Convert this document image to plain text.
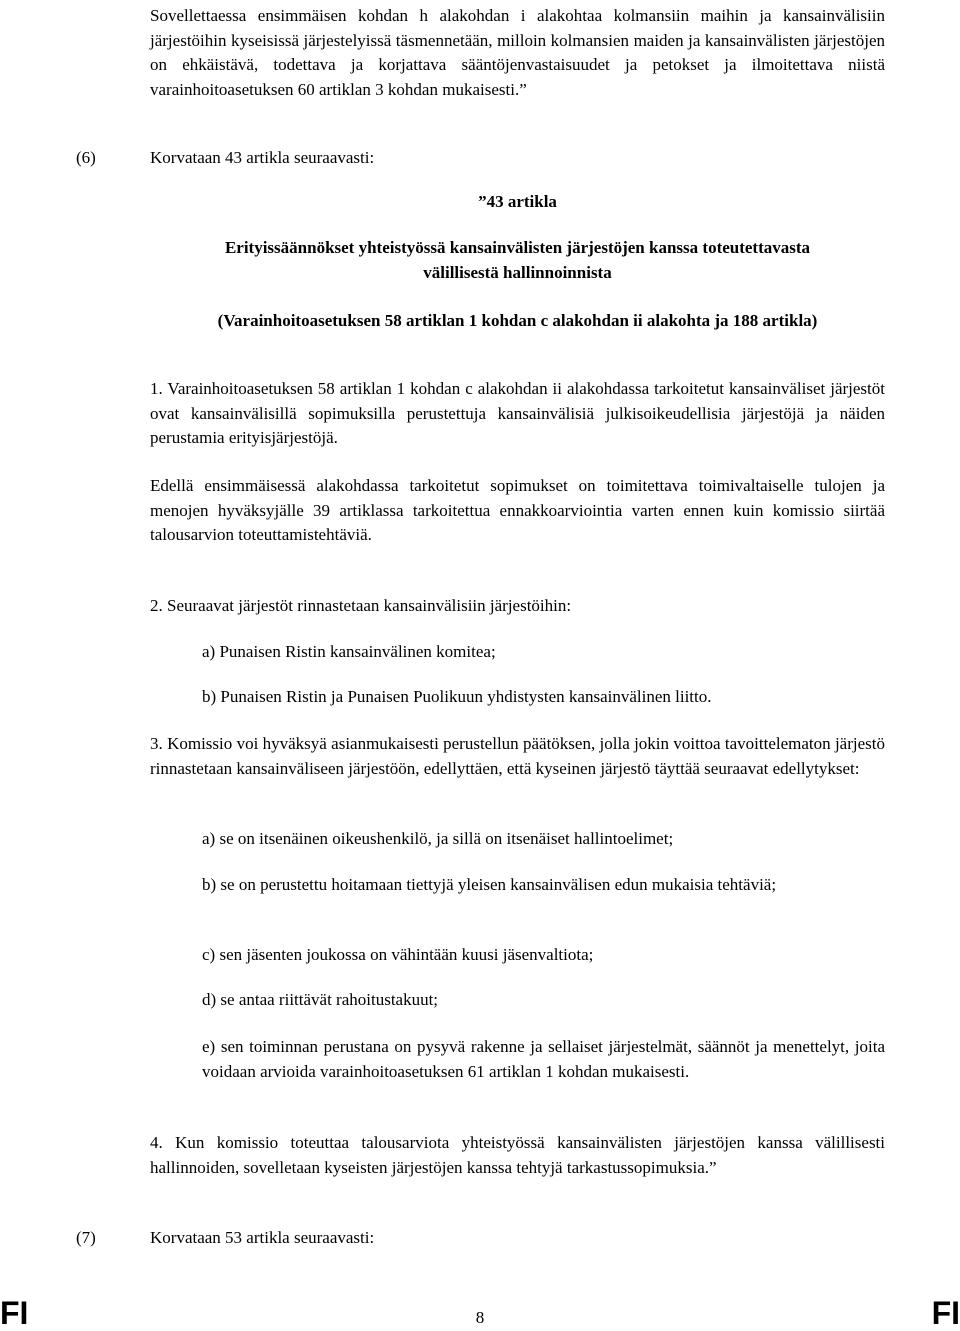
Sovellettaessa ensimmäisen kohdan h alakohdan i alakohtaa kolmansiin maihin ja kansainvälisiin järjestöihin kyseisissä järjestelyissä täsmennetään, milloin kolmansien maiden ja kansainvälisten järjestöjen on ehkäistävä, todettava ja korjattava sääntöjenvastaisuudet ja petokset ja ilmoitettava niistä varainhoitoasetuksen 60 artiklan 3 kohdan mukaisesti.”

(6)	Korvataan 43 artikla seuraavasti:

”43 artikla

Erityissäännökset yhteistyössä kansainvälisten järjestöjen kanssa toteutettavasta välillisestä hallinnoinnista

(Varainhoitoasetuksen 58 artiklan 1 kohdan c alakohdan ii alakohta ja 188 artikla)

1. Varainhoitoasetuksen 58 artiklan 1 kohdan c alakohdan ii alakohdassa tarkoitetut kansainväliset järjestöt ovat kansainvälisillä sopimuksilla perustettuja kansainvälisiä julkisoikeudellisia järjestöjä ja näiden perustamia erityisjärjestöjä.

Edellä ensimmäisessä alakohdassa tarkoitetut sopimukset on toimitettava toimivaltaiselle tulojen ja menojen hyväksyjälle 39 artiklassa tarkoitettua ennakkoarviointia varten ennen kuin komissio siirtää talousarvion toteuttamistehtäviä.

2. Seuraavat järjestöt rinnastetaan kansainvälisiin järjestöihin:

a) Punaisen Ristin kansainvälinen komitea;

b) Punaisen Ristin ja Punaisen Puolikuun yhdistysten kansainvälinen liitto.

3. Komissio voi hyväksyä asianmukaisesti perustellun päätöksen, jolla jokin voittoa tavoittelematon järjestö rinnastetaan kansainväliseen järjestöön, edellyttäen, että kyseinen järjestö täyttää seuraavat edellytykset:

a) se on itsenäinen oikeushenkilö, ja sillä on itsenäiset hallintoelimet;

b) se on perustettu hoitamaan tiettyjä yleisen kansainvälisen edun mukaisia tehtäviä;

c) sen jäsenten joukossa on vähintään kuusi jäsenvaltiota;

d) se antaa riittävät rahoitustakuut;

e) sen toiminnan perustana on pysyvä rakenne ja sellaiset järjestelmät, säännöt ja menettelyt, joita voidaan arvioida varainhoitoasetuksen 61 artiklan 1 kohdan mukaisesti.

4. Kun komissio toteuttaa talousarviota yhteistyössä kansainvälisten järjestöjen kanssa välillisesti hallinnoiden, sovelletaan kyseisten järjestöjen kanssa tehtyjä tarkastussopimuksia.”

(7)	Korvataan 53 artikla seuraavasti:

FI	8	FI
